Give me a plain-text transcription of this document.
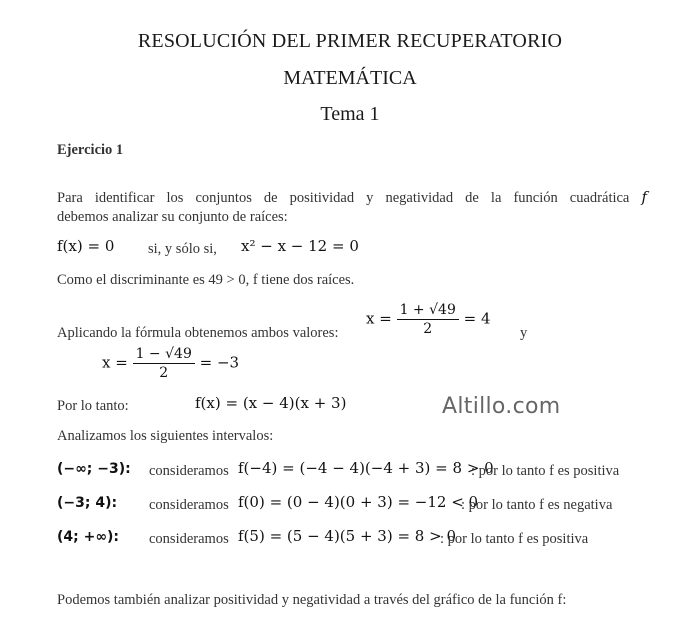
RESOLUCIÓN DEL PRIMER RECUPERATORIO
MATEMÁTICA
Tema 1
Ejercicio 1
Para identificar los conjuntos de positividad y negatividad de la función cuadrática f
debemos analizar su conjunto de raíces:
f(x) = 0 si, y sólo si, x² − x − 12 = 0
Como el discriminante es 49 > 0, f tiene dos raíces.
Aplicando la fórmula obtenemos ambos valores:
$x = \frac{1 + √49}{2} = 4$
y
$x = \frac{1 - √49}{2} = -3$
Por lo tanto:	f(x) = (x − 4)(x + 3)	Altillo.com
Analizamos los siguientes intervalos:
(−∞; −3): consideramos f(−4) = (−4 − 4)(−4 + 3) = 8 > 0
: por lo tanto f es positiva
(−3; 4): consideramos f(0) = (0 − 4)(0 + 3) = −12 < 0
: por lo tanto f es negativa
(4; +∞): consideramos f(5) = (5 − 4)(5 + 3) = 8 > 0
: por lo tanto f es positiva
Podemos también analizar positividad y negatividad a través del gráfico de la función f:
